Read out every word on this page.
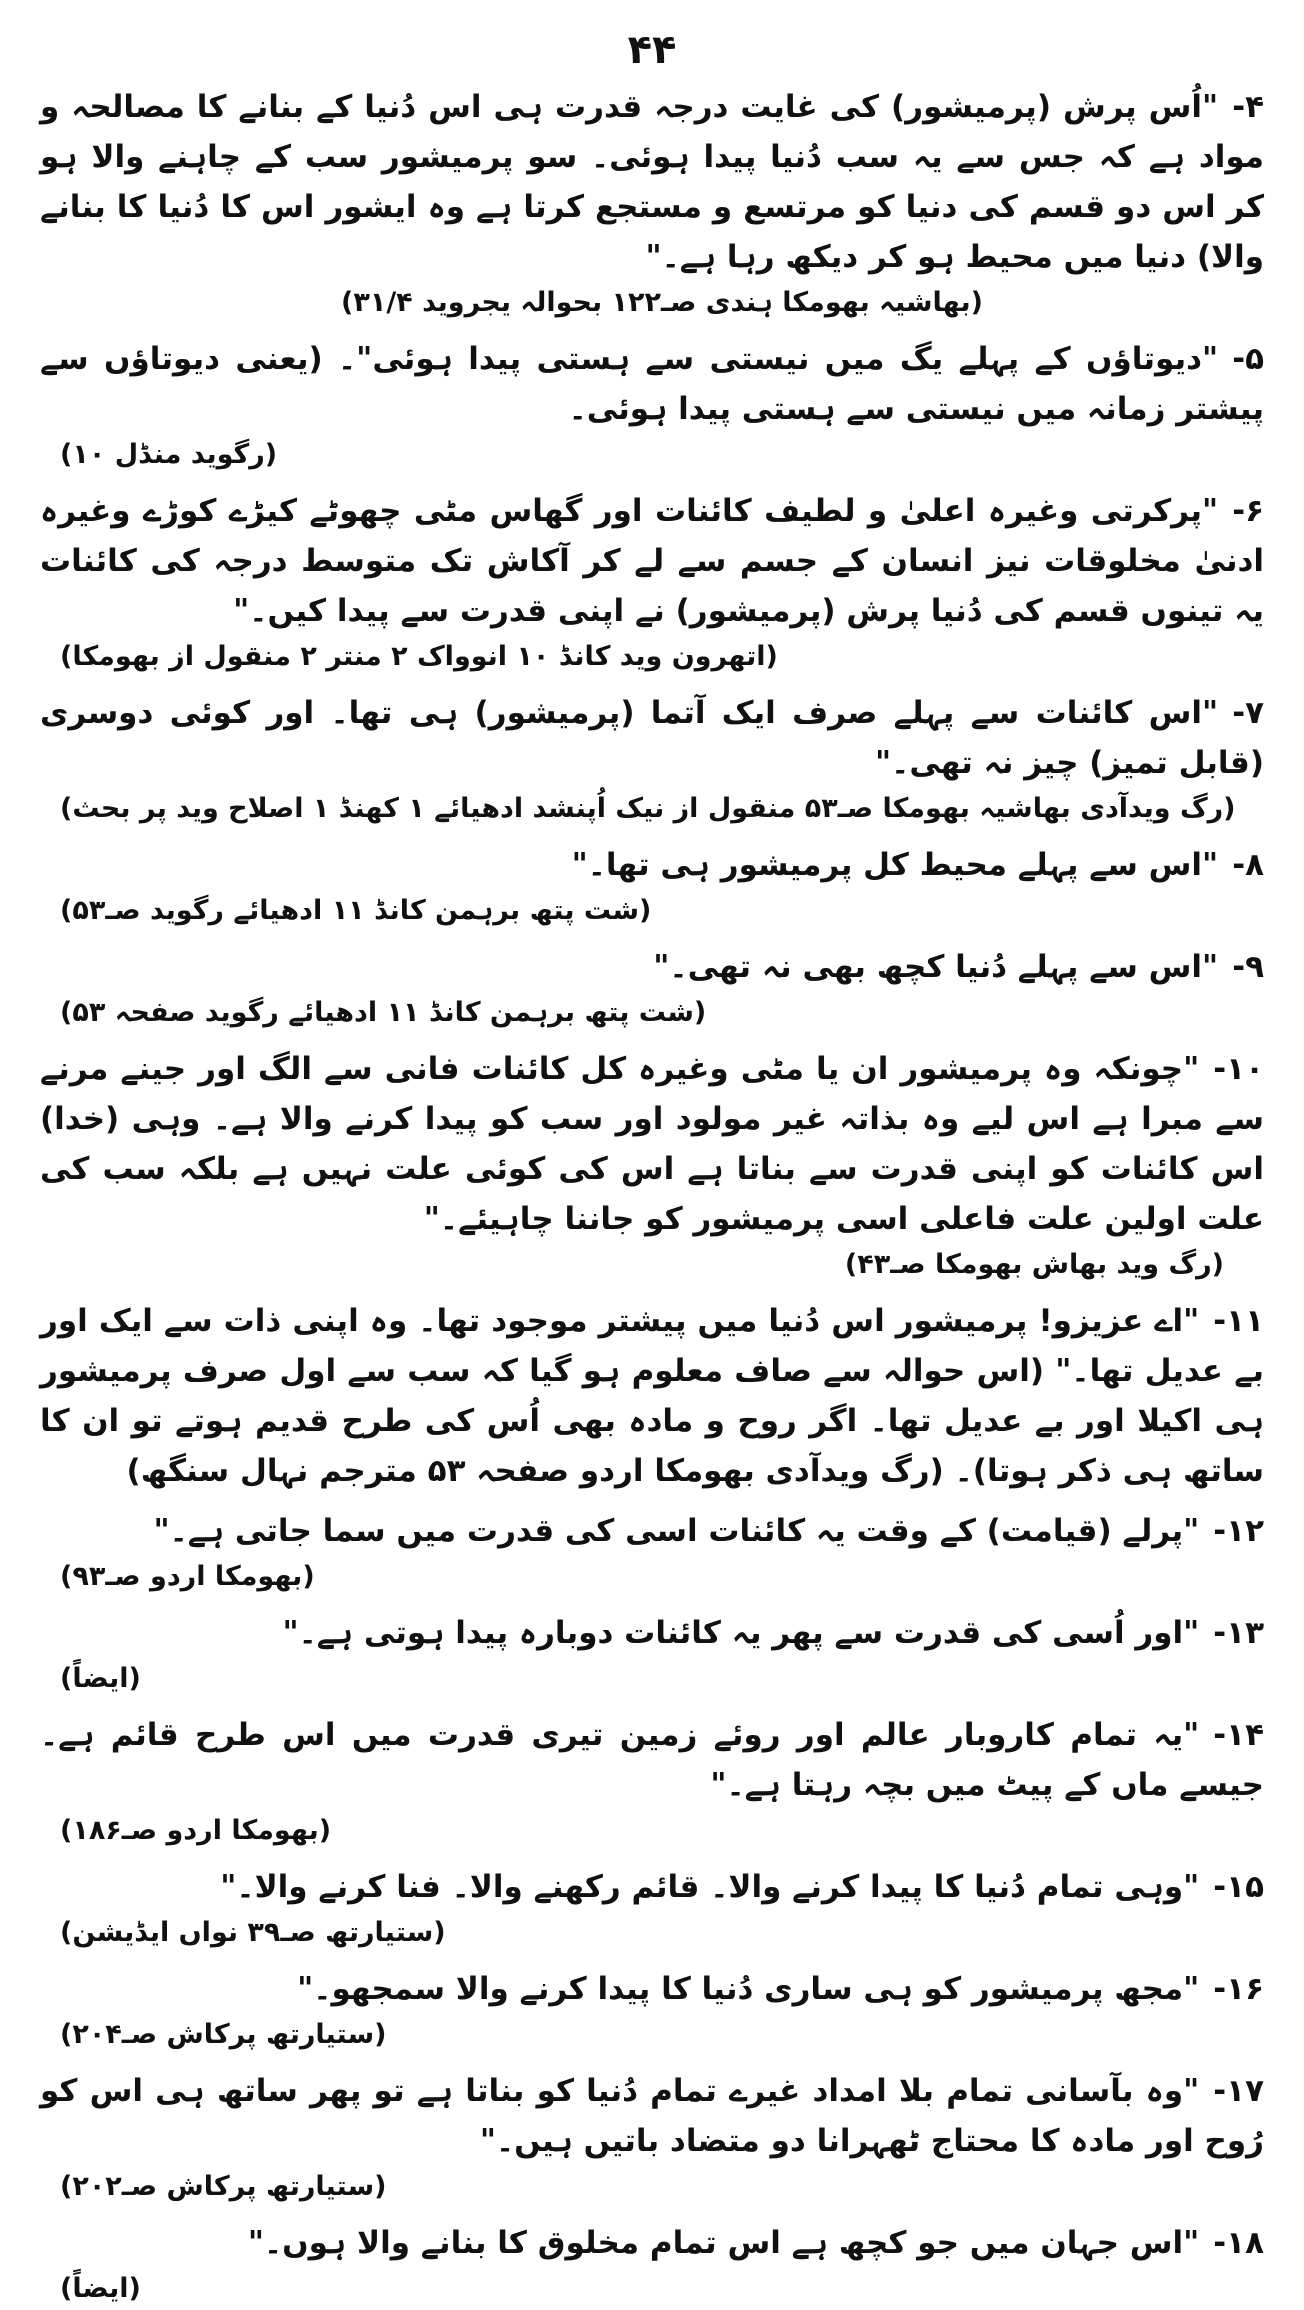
۴۴
۴-"اُس پرش (پرمیشور) کی غایت درجہ قدرت ہی اس دُنیا کے بنانے کا مصالحہ و مواد ہے کہ جس سے یہ سب دُنیا پیدا ہوئی۔ سو پرمیشور سب کے چاہنے والا ہو کر اس دو قسم کی دنیا کو مرتسع و مستجع کرتا ہے وہ ایشور اس کا دُنیا کا بنانے والا) دنیا میں محیط ہو کر دیکھ رہا ہے۔"
(بھاشیہ بھومکا ہندی صـ۱۲۲ بحوالہ یجروید ۳۱/۴)
۵-"دیوتاؤں کے پہلے یگ میں نیستی سے ہستی پیدا ہوئی"۔ (یعنی دیوتاؤں سے پیشتر زمانہ میں نیستی سے ہستی پیدا ہوئی۔
(رگوید منڈل ۱۰)
۶-"پرکرتی وغیرہ اعلیٰ و لطیف کائنات اور گھاس مٹی چھوٹے کیڑے کوڑے وغیرہ ادنیٰ مخلوقات نیز انسان کے جسم سے لے کر آکاش تک متوسط درجہ کی کائنات یہ تینوں قسم کی دُنیا پرش (پرمیشور) نے اپنی قدرت سے پیدا کیں۔"
(اتھرون وید کانڈ ۱۰ انوواک ۲ منتر ۲ منقول از بھومکا)
۷-"اس کائنات سے پہلے صرف ایک آتما (پرمیشور) ہی تھا۔ اور کوئی دوسری (قابل تمیز) چیز نہ تھی۔"
(رگ ویدآدی بھاشیہ بھومکا صـ۵۳ منقول از نیک اُپنشد ادھیائے ۱ کھنڈ ۱ اصلاح وید پر بحث)
۸-"اس سے پہلے محیط کل پرمیشور ہی تھا۔"
(شت پتھ برہمن کانڈ ۱۱ ادھیائے رگوید صـ۵۳)
۹-"اس سے پہلے دُنیا کچھ بھی نہ تھی۔"
(شت پتھ برہمن کانڈ ۱۱ ادھیائے رگوید صفحہ ۵۳)
۱۰-"چونکہ وہ پرمیشور ان یا مٹی وغیرہ کل کائنات فانی سے الگ اور جینے مرنے سے مبرا ہے اس لیے وہ بذاتہ غیر مولود اور سب کو پیدا کرنے والا ہے۔ وہی (خدا) اس کائنات کو اپنی قدرت سے بناتا ہے اس کی کوئی علت نہیں ہے بلکہ سب کی علت اولین علت فاعلی اسی پرمیشور کو جاننا چاہیئے۔"
(رگ وید بھاش بھومکا صـ۴۳)
۱۱-"اے عزیزو! پرمیشور اس دُنیا میں پیشتر موجود تھا۔ وہ اپنی ذات سے ایک اور بے عدیل تھا۔" (اس حوالہ سے صاف معلوم ہو گیا کہ سب سے اول صرف پرمیشور ہی اکیلا اور بے عدیل تھا۔ اگر روح و مادہ بھی اُس کی طرح قدیم ہوتے تو ان کا ساتھ ہی ذکر ہوتا)۔ (رگ ویدآدی بھومکا اردو صفحہ ۵۳ مترجم نہال سنگھ)
۱۲-"پرلے (قیامت) کے وقت یہ کائنات اسی کی قدرت میں سما جاتی ہے۔"
(بھومکا اردو صـ۹۳)
۱۳-"اور اُسی کی قدرت سے پھر یہ کائنات دوبارہ پیدا ہوتی ہے۔"
(ایضاً)
۱۴-"یہ تمام کاروبار عالم اور روئے زمین تیری قدرت میں اس طرح قائم ہے۔ جیسے ماں کے پیٹ میں بچہ رہتا ہے۔"
(بھومکا اردو صـ۱۸۶)
۱۵-"وہی تمام دُنیا کا پیدا کرنے والا۔ قائم رکھنے والا۔ فنا کرنے والا۔"
(ستیارتھ صـ۳۹ نواں ایڈیشن)
۱۶-"مجھ پرمیشور کو ہی ساری دُنیا کا پیدا کرنے والا سمجھو۔"
(ستیارتھ پرکاش صـ۲۰۴)
۱۷-"وہ بآسانی تمام بلا امداد غیرے تمام دُنیا کو بناتا ہے تو پھر ساتھ ہی اس کو رُوح اور مادہ کا محتاج ٹھہرانا دو متضاد باتیں ہیں۔"
(ستیارتھ پرکاش صـ۲۰۲)
۱۸-"اس جہان میں جو کچھ ہے اس تمام مخلوق کا بنانے والا ہوں۔"
(ایضاً)
